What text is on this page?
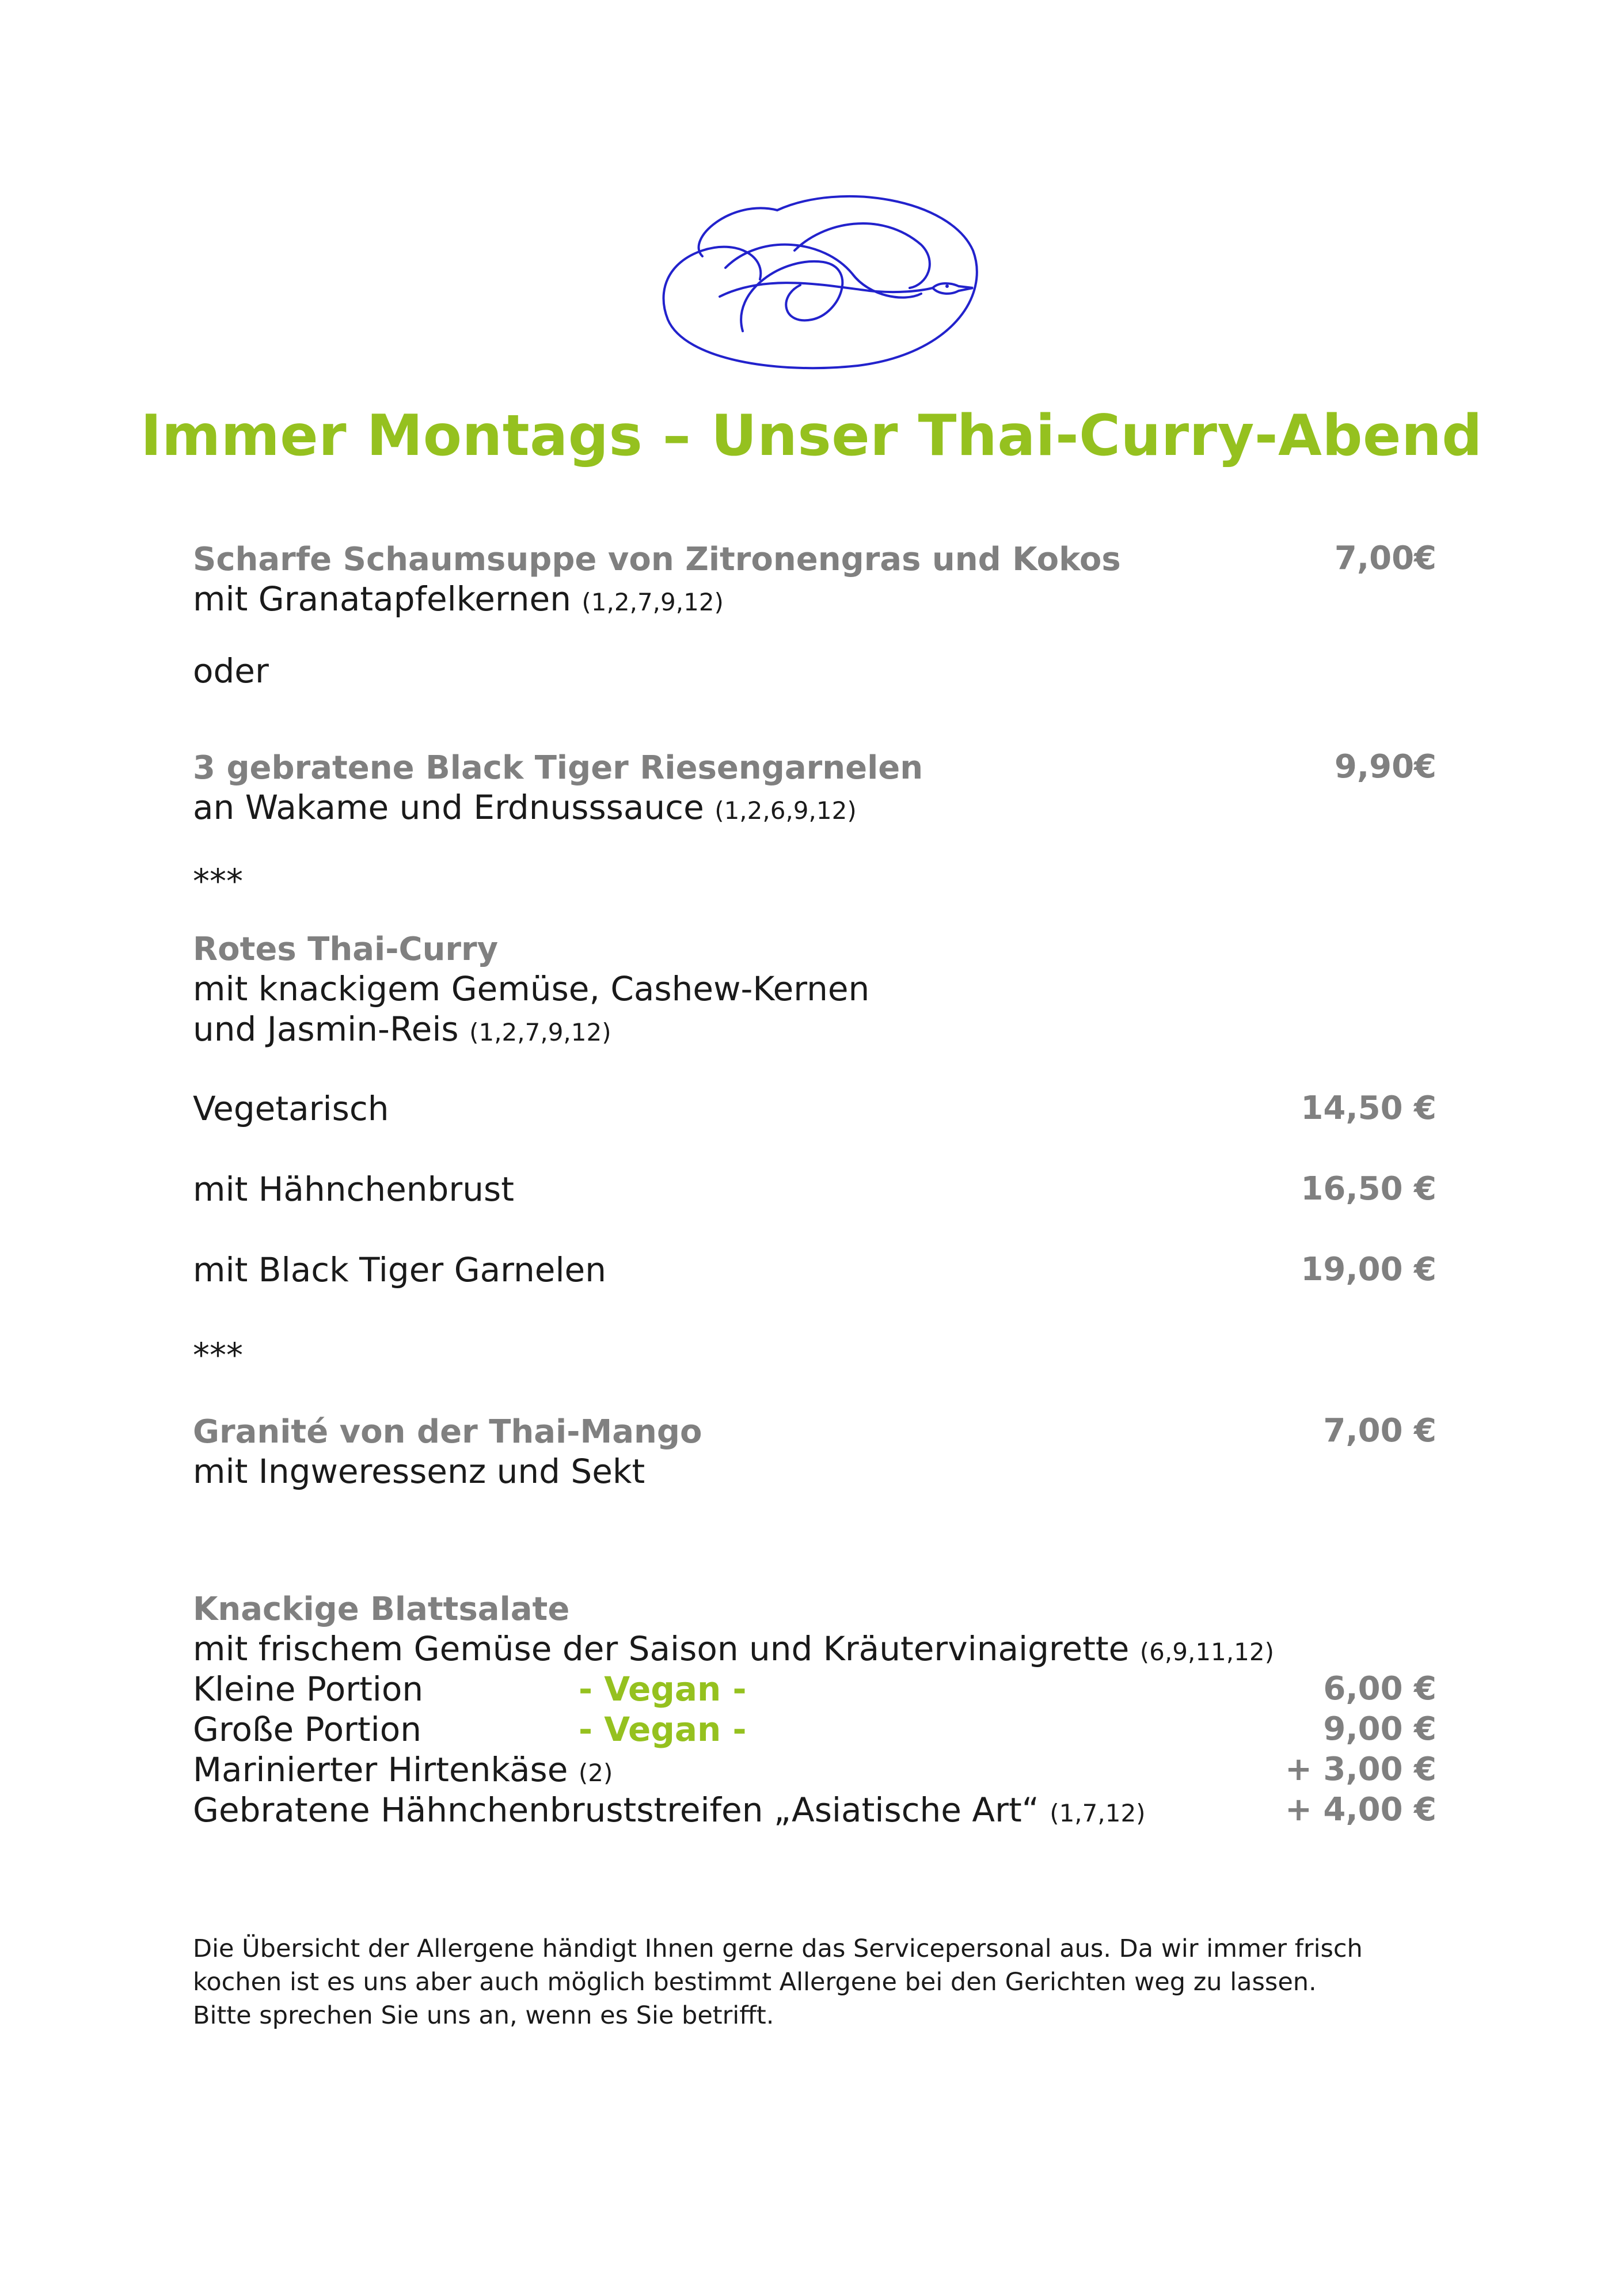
Immer Montags – Unser Thai-Curry-Abend
Scharfe Schaumsuppe von Zitronengras und Kokos	7,00€
mit Granatapfelkernen (1,2,7,9,12)
oder
3 gebratene Black Tiger Riesengarnelen	9,90€
an Wakame und Erdnusssauce (1,2,6,9,12)
***
Rotes Thai-Curry
mit knackigem Gemüse, Cashew-Kernen
und Jasmin-Reis (1,2,7,9,12)
Vegetarisch	14,50 €
mit Hähnchenbrust	16,50 €
mit Black Tiger Garnelen	19,00 €
***
Granité von der Thai-Mango	7,00 €
mit Ingweressenz und Sekt
Knackige Blattsalate
mit frischem Gemüse der Saison und Kräutervinaigrette (6,9,11,12)
Kleine Portion	- Vegan -	6,00 €
Große Portion	- Vegan -	9,00 €
Marinierter Hirtenkäse (2)	+ 3,00 €
Gebratene Hähnchenbruststreifen „Asiatische Art“ (1,7,12)	+ 4,00 €
Die Übersicht der Allergene händigt Ihnen gerne das Servicepersonal aus. Da wir immer frisch
kochen ist es uns aber auch möglich bestimmt Allergene bei den Gerichten weg zu lassen.
Bitte sprechen Sie uns an, wenn es Sie betrifft.
